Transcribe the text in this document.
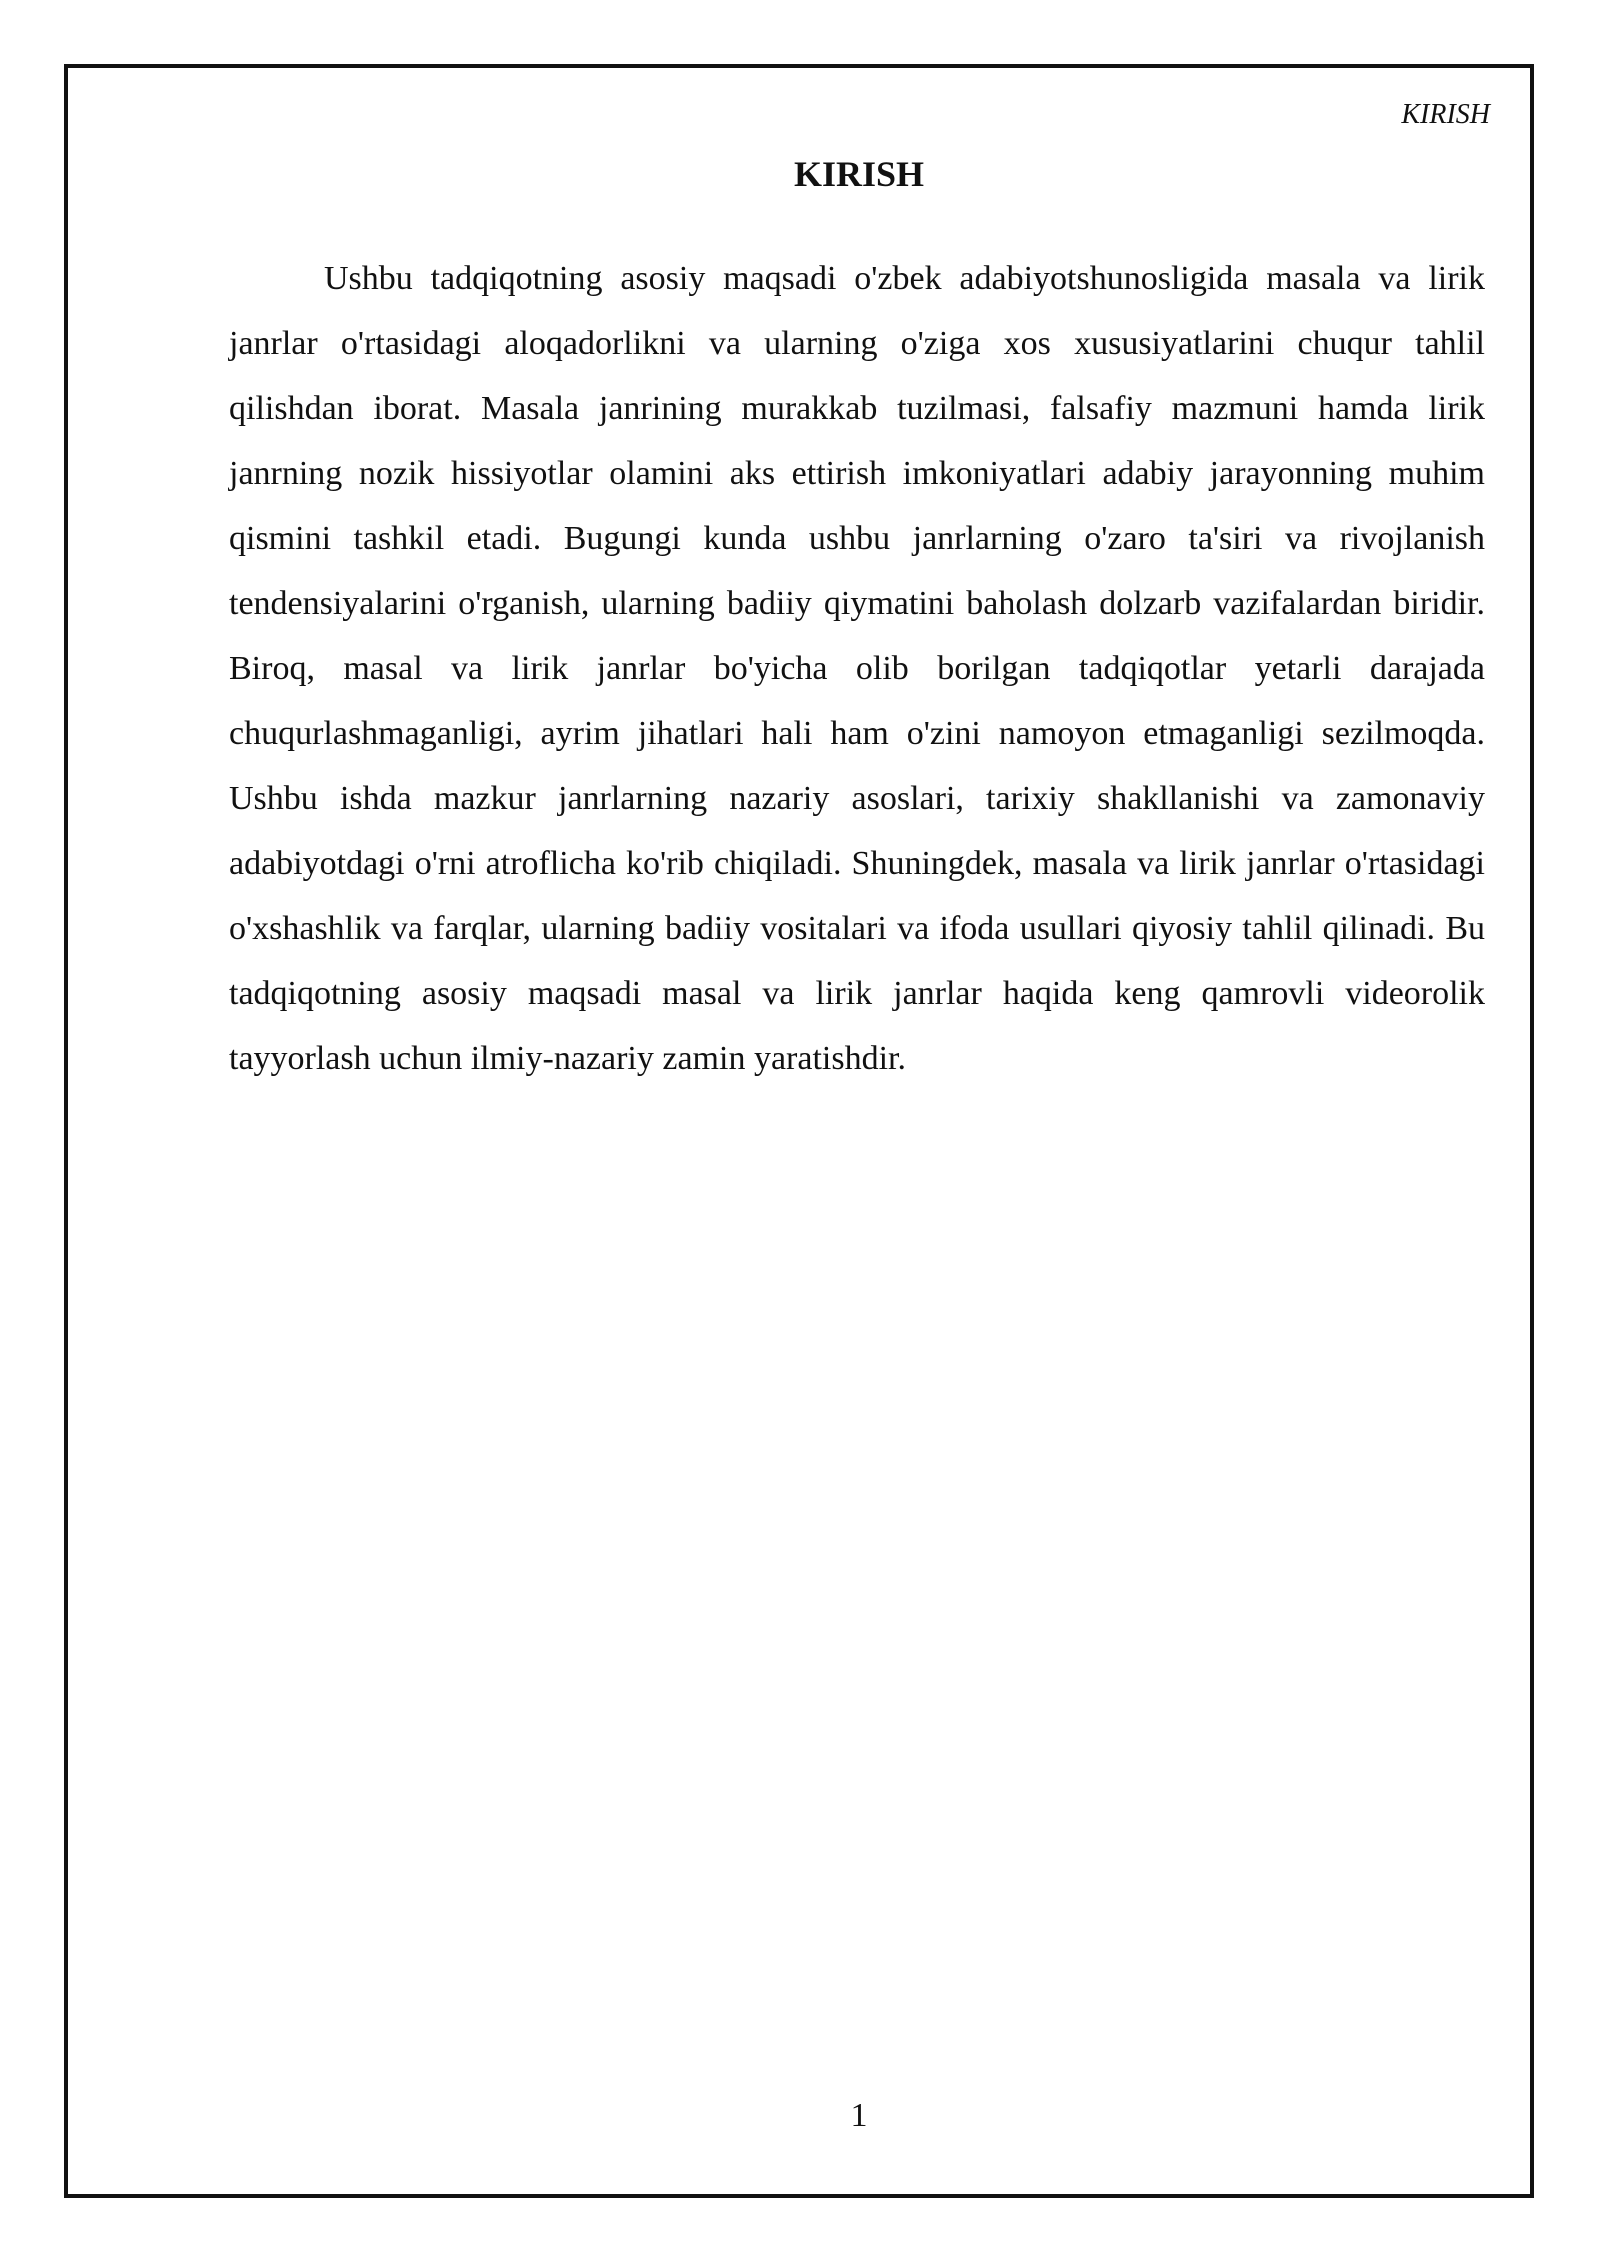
KIRISH
KIRISH

Ushbu tadqiqotning asosiy maqsadi o'zbek adabiyotshunosligida masala va lirik janrlar o'rtasidagi aloqadorlikni va ularning o'ziga xos xususiyatlarini chuqur tahlil qilishdan iborat. Masala janrining murakkab tuzilmasi, falsafiy mazmuni hamda lirik janrning nozik hissiyotlar olamini aks ettirish imkoniyatlari adabiy jarayonning muhim qismini tashkil etadi. Bugungi kunda ushbu janrlarning o'zaro ta'siri va rivojlanish tendensiyalarini o'rganish, ularning badiiy qiymatini baholash dolzarb vazifalardan biridir. Biroq, masal va lirik janrlar bo'yicha olib borilgan tadqiqotlar yetarli darajada chuqurlashmaganligi, ayrim jihatlari hali ham o'zini namoyon etmaganligi sezilmoqda. Ushbu ishda mazkur janrlarning nazariy asoslari, tarixiy shakllanishi va zamonaviy adabiyotdagi o'rni atroflicha ko'rib chiqiladi. Shuningdek, masala va lirik janrlar o'rtasidagi o'xshashlik va farqlar, ularning badiiy vositalari va ifoda usullari qiyosiy tahlil qilinadi. Bu tadqiqotning asosiy maqsadi masal va lirik janrlar haqida keng qamrovli videorolik tayyorlash uchun ilmiy-nazariy zamin yaratishdir.

1
